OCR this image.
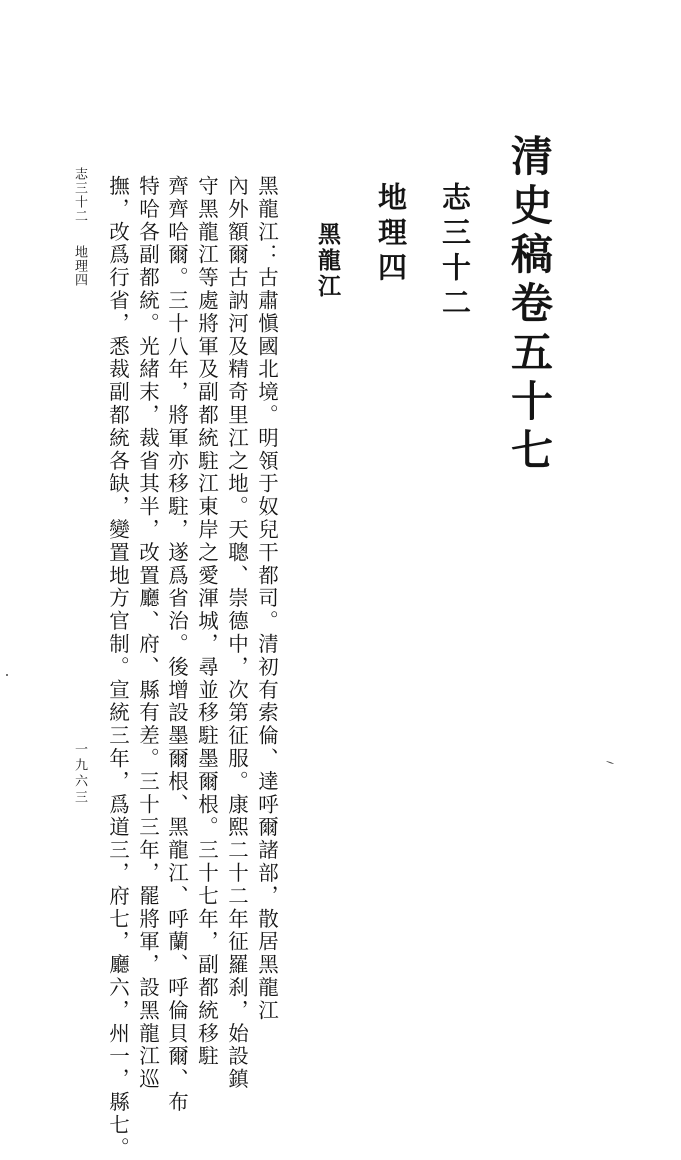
清史稿卷五十七
志三十二
地理四
黑龍江
黑龍江：古肅愼國北境。明領于奴兒干都司。清初有索倫、達呼爾諸部，散居黑龍江
內外額爾古訥河及精奇里江之地。天聰、崇德中，次第征服。康熙二十二年征羅刹，始設鎮
守黑龍江等處將軍及副都統駐江東岸之愛渾城，尋並移駐墨爾根。三十七年，副都統移駐
齊齊哈爾。三十八年，將軍亦移駐，遂爲省治。後增設墨爾根、黑龍江、呼蘭、呼倫貝爾、布
特哈各副都統。光緒末，裁省其半，改置廳、府、縣有差。三十三年，罷將軍，設黑龍江巡
撫，改爲行省，悉裁副都統各缺，變置地方官制。宣統三年，爲道三，府七，廳六，州一，縣七。
志三十二地理四
一九六三
